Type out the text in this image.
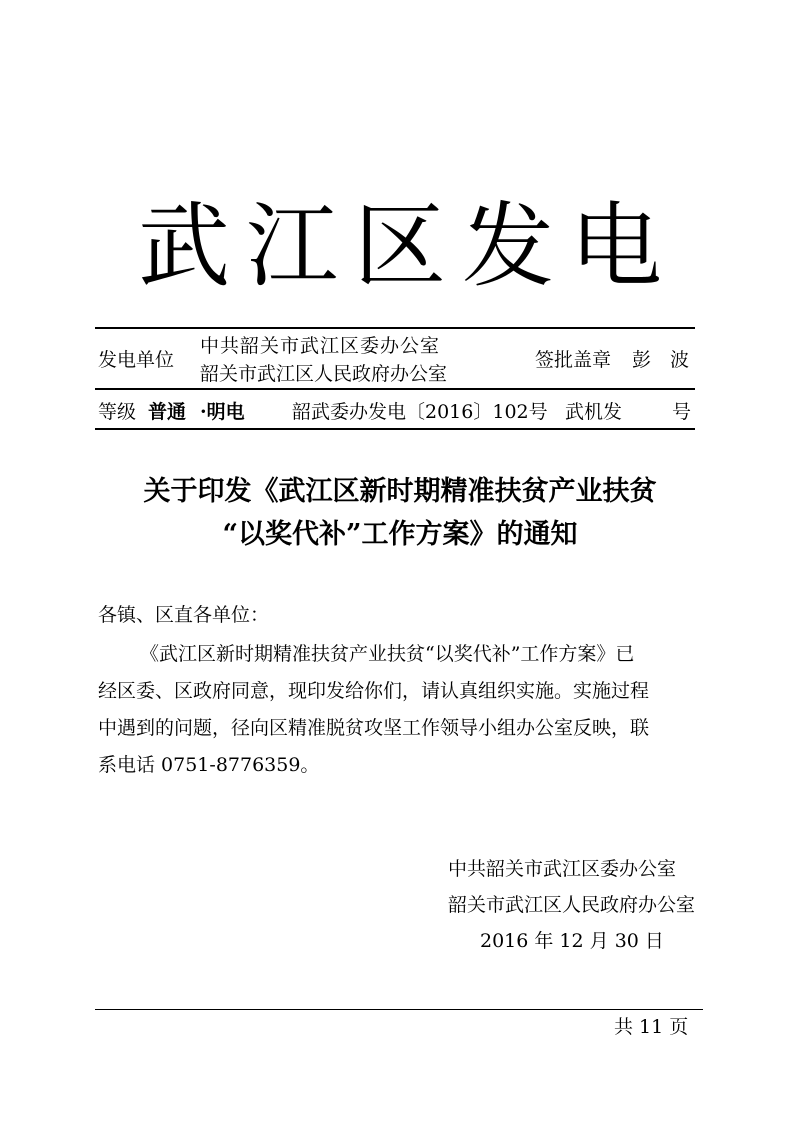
武江区发电
发电单位
中共韶关市武江区委办公室
韶关市武江区人民政府办公室
签批盖章 彭　波
等级 普通 ·明电 韶武委办发电〔2016〕102号 武机发	号
关于印发《武江区新时期精准扶贫产业扶贫
“以奖代补”工作方案》的通知
各镇、区直各单位：
《武江区新时期精准扶贫产业扶贫“以奖代补”工作方案》已
经区委、区政府同意，现印发给你们，请认真组织实施。实施过程
中遇到的问题，径向区精准脱贫攻坚工作领导小组办公室反映，联
系电话 0751-8776359。
中共韶关市武江区委办公室
韶关市武江区人民政府办公室
2016 年 12 月 30 日
共 11 页
